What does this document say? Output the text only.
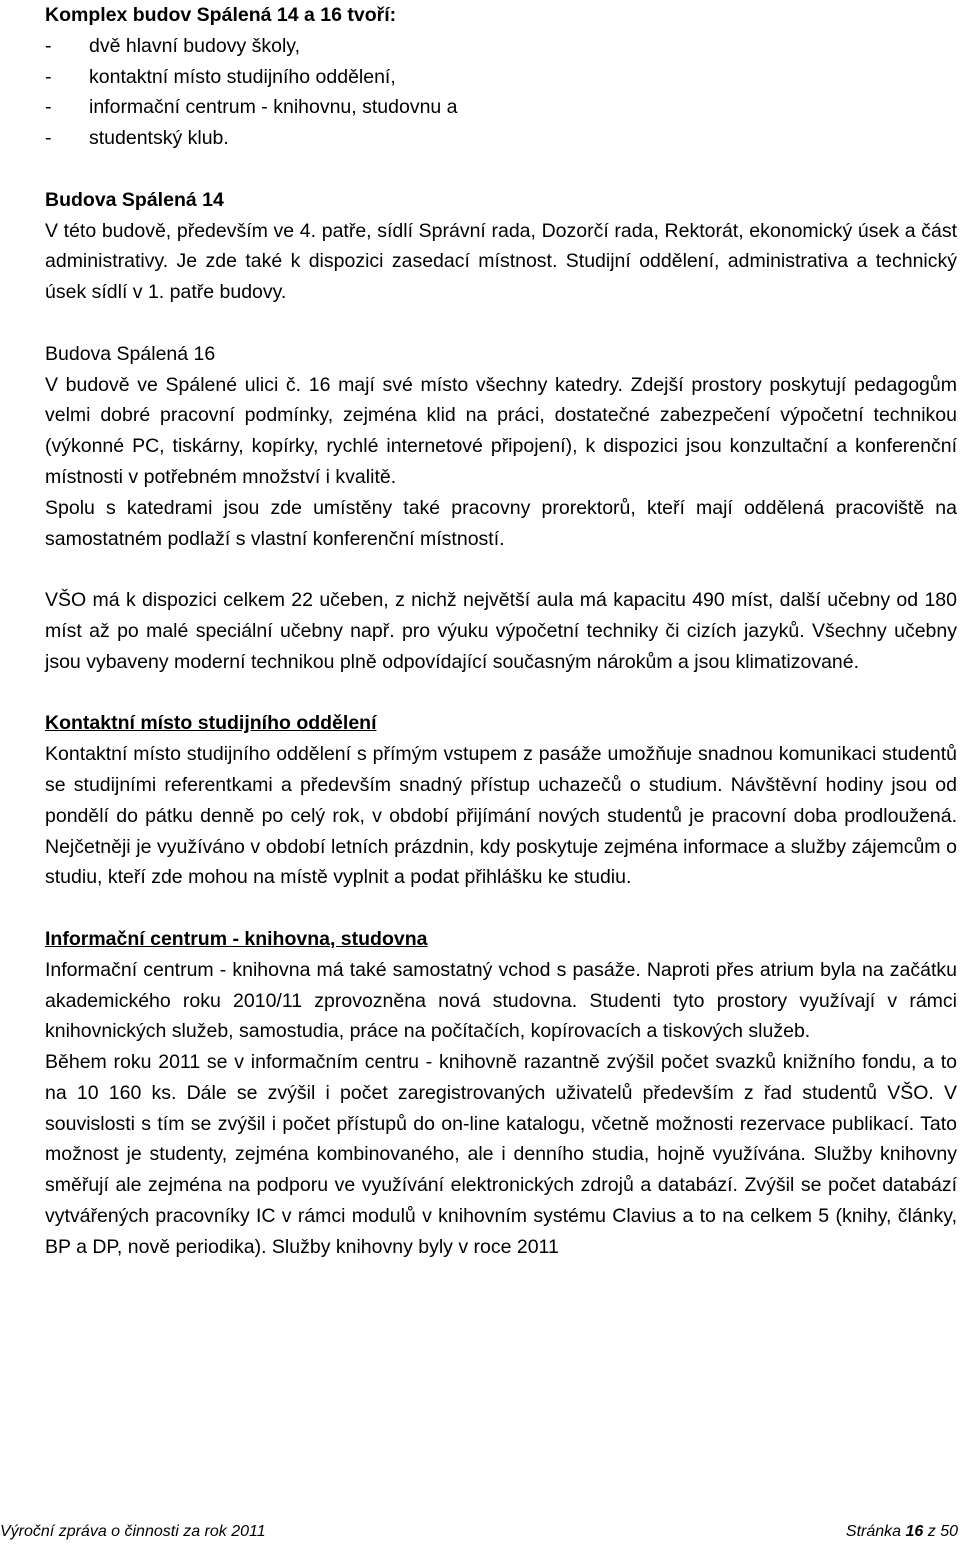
Komplex budov Spálená 14 a 16 tvoří:

- dvě hlavní budovy školy,
- kontaktní místo studijního oddělení,
- informační centrum - knihovnu, studovnu a
- studentský klub.

Budova Spálená 14

V této budově, především ve 4. patře, sídlí Správní rada, Dozorčí rada, Rektorát, ekonomický úsek a část administrativy. Je zde také k dispozici zasedací místnost. Studijní oddělení, administrativa a technický úsek sídlí v 1. patře budovy.

Budova Spálená 16

V budově ve Spálené ulici č. 16 mají své místo všechny katedry. Zdejší prostory poskytují pedagogům velmi dobré pracovní podmínky, zejména klid na práci, dostatečné zabezpečení výpočetní technikou (výkonné PC, tiskárny, kopírky, rychlé internetové připojení), k dispozici jsou konzultační a konferenční místnosti v potřebném množství i kvalitě.

Spolu s katedrami jsou zde umístěny také pracovny prorektorů, kteří mají oddělená pracoviště na samostatném podlaží s vlastní konferenční místností.

VŠO má k dispozici celkem 22 učeben, z nichž největší aula má kapacitu 490 míst, další učebny od 180 míst až po malé speciální učebny např. pro výuku výpočetní techniky či cizích jazyků. Všechny učebny jsou vybaveny moderní technikou plně odpovídající současným nárokům a jsou klimatizované.

Kontaktní místo studijního oddělení

Kontaktní místo studijního oddělení s přímým vstupem z pasáže umožňuje snadnou komunikaci studentů se studijními referentkami a především snadný přístup uchazečů o studium. Návštěvní hodiny jsou od pondělí do pátku denně po celý rok, v období přijímání nových studentů je pracovní doba prodloužená. Nejčetněji je využíváno v období letních prázdnin, kdy poskytuje zejména informace a služby zájemcům o studiu, kteří zde mohou na místě vyplnit a podat přihlášku ke studiu.

Informační centrum - knihovna, studovna

Informační centrum - knihovna má také samostatný vchod s pasáže. Naproti přes atrium byla na začátku akademického roku 2010/11 zprovozněna nová studovna. Studenti tyto prostory využívají v rámci knihovnických služeb, samostudia, práce na počítačích, kopírovacích a tiskových služeb.

Během roku 2011 se v informačním centru - knihovně razantně zvýšil počet svazků knižního fondu, a to na 10 160 ks. Dále se zvýšil i počet zaregistrovaných uživatelů především z řad studentů VŠO. V souvislosti s tím se zvýšil i počet přístupů do on-line katalogu, včetně možnosti rezervace publikací. Tato možnost je studenty, zejména kombinovaného, ale i denního studia, hojně využívána. Služby knihovny směřují ale zejména na podporu ve využívání elektronických zdrojů a databází. Zvýšil se počet databází vytvářených pracovníky IC v rámci modulů v knihovním systému Clavius a to na celkem 5 (knihy, články, BP a DP, nově periodika). Služby knihovny byly v roce 2011

Výroční zpráva o činnosti za rok 2011	Stránka 16 z 50
